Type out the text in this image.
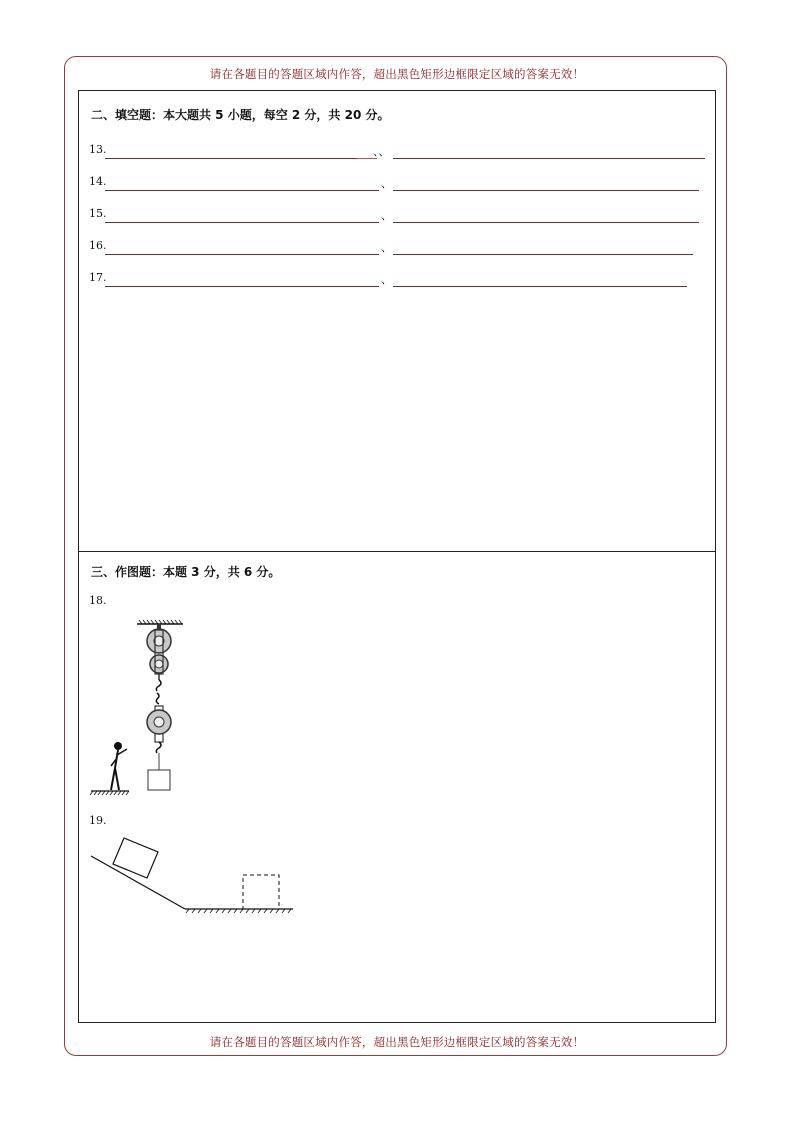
请在各题目的答题区域内作答，超出黑色矩形边框限定区域的答案无效！
二、填空题：本大题共 5 小题，每空 2 分，共 20 分。
13.	、、
14.	、
15.	、
16.	、
17.	、
三、作图题：本题 3 分，共 6 分。
18.
19.
请在各题目的答题区域内作答，超出黑色矩形边框限定区域的答案无效！
